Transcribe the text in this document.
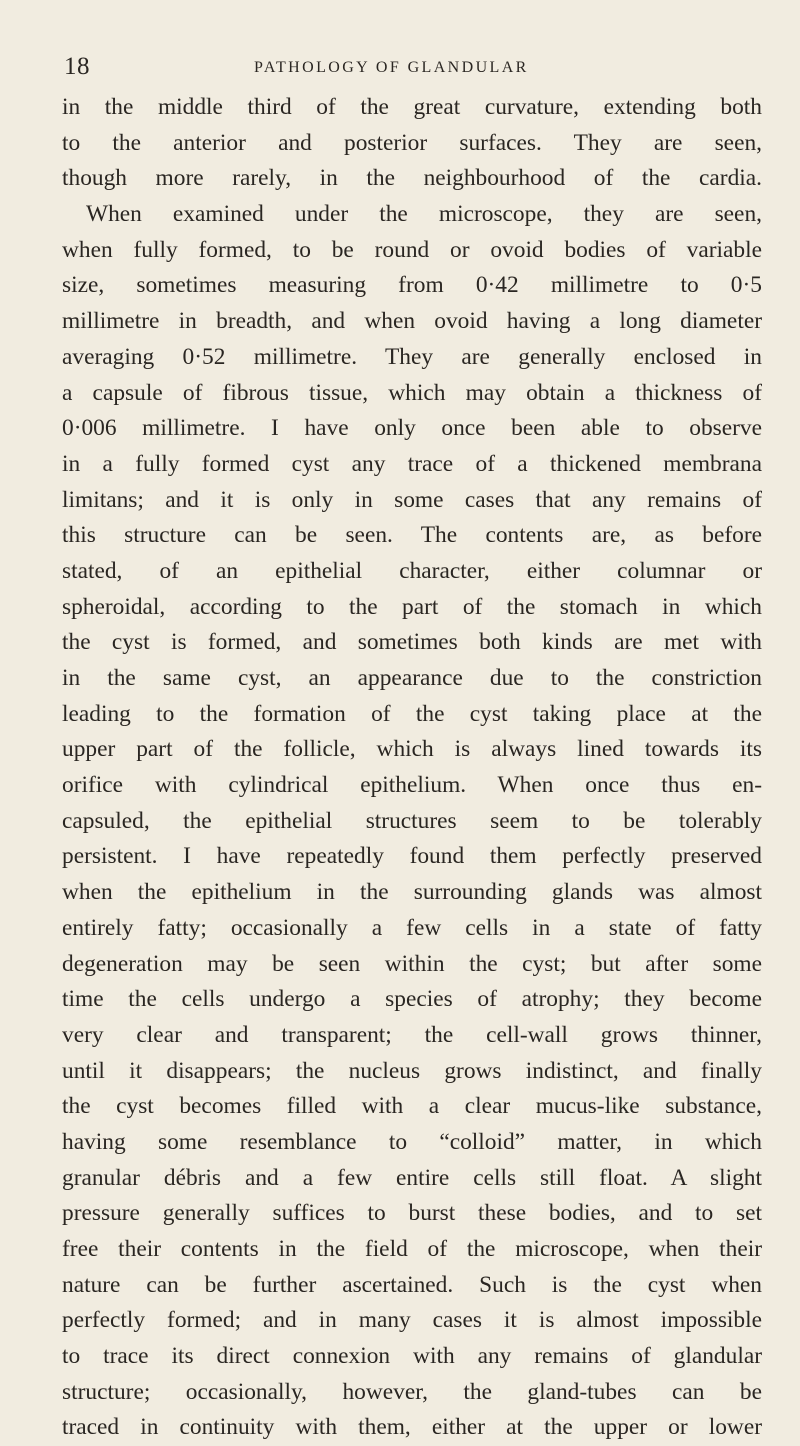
18	PATHOLOGY OF GLANDULAR
in the middle third of the great curvature, extending both
to the anterior and posterior surfaces. They are seen,
though more rarely, in the neighbourhood of the cardia.
When examined under the microscope, they are seen,
when fully formed, to be round or ovoid bodies of variable
size, sometimes measuring from 0·42 millimetre to 0·5
millimetre in breadth, and when ovoid having a long diameter
averaging 0·52 millimetre. They are generally enclosed in
a capsule of fibrous tissue, which may obtain a thickness of
0·006 millimetre. I have only once been able to observe
in a fully formed cyst any trace of a thickened membrana
limitans; and it is only in some cases that any remains of
this structure can be seen. The contents are, as before
stated, of an epithelial character, either columnar or
spheroidal, according to the part of the stomach in which
the cyst is formed, and sometimes both kinds are met with
in the same cyst, an appearance due to the constriction
leading to the formation of the cyst taking place at the
upper part of the follicle, which is always lined towards its
orifice with cylindrical epithelium. When once thus en-
capsuled, the epithelial structures seem to be tolerably
persistent. I have repeatedly found them perfectly preserved
when the epithelium in the surrounding glands was almost
entirely fatty; occasionally a few cells in a state of fatty
degeneration may be seen within the cyst; but after some
time the cells undergo a species of atrophy; they become
very clear and transparent; the cell-wall grows thinner,
until it disappears; the nucleus grows indistinct, and finally
the cyst becomes filled with a clear mucus-like substance,
having some resemblance to “colloid” matter, in which
granular débris and a few entire cells still float. A slight
pressure generally suffices to burst these bodies, and to set
free their contents in the field of the microscope, when their
nature can be further ascertained. Such is the cyst when
perfectly formed; and in many cases it is almost impossible
to trace its direct connexion with any remains of glandular
structure; occasionally, however, the gland-tubes can be
traced in continuity with them, either at the upper or lower
